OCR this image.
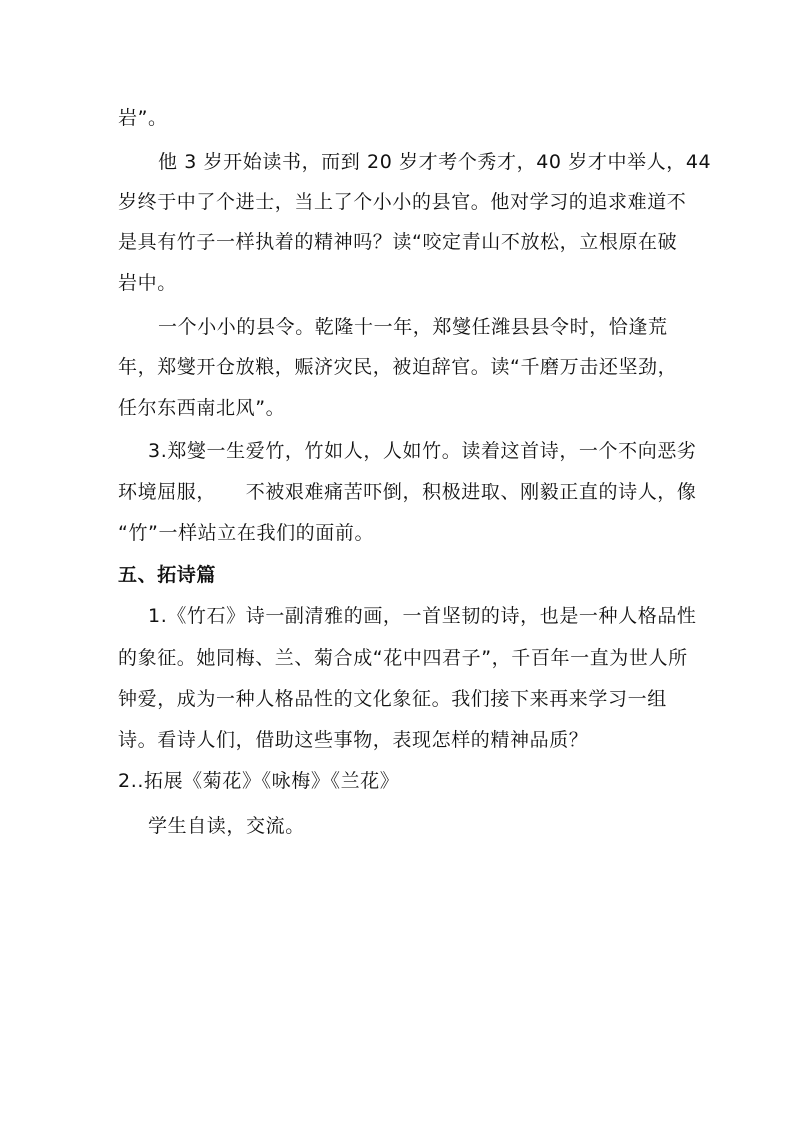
岩”。
他 3 岁开始读书，而到 20 岁才考个秀才，40 岁才中举人，44
岁终于中了个进士，当上了个小小的县官。他对学习的追求难道不
是具有竹子一样执着的精神吗？读“咬定青山不放松，立根原在破
岩中。
一个小小的县令。乾隆十一年，郑燮任潍县县令时，恰逢荒
年，郑燮开仓放粮，赈济灾民，被迫辞官。读“千磨万击还坚劲，
任尔东西南北风”。
3.郑燮一生爱竹，竹如人，人如竹。读着这首诗，一个不向恶劣
环境屈服，　　不被艰难痛苦吓倒，积极进取、刚毅正直的诗人，像
“竹”一样站立在我们的面前。
五、拓诗篇
1.《竹石》诗一副清雅的画，一首坚韧的诗，也是一种人格品性
的象征。她同梅、兰、菊合成“花中四君子”，千百年一直为世人所
钟爱，成为一种人格品性的文化象征。我们接下来再来学习一组
诗。看诗人们，借助这些事物，表现怎样的精神品质？
2..拓展《菊花》《咏梅》《兰花》
学生自读，交流。
